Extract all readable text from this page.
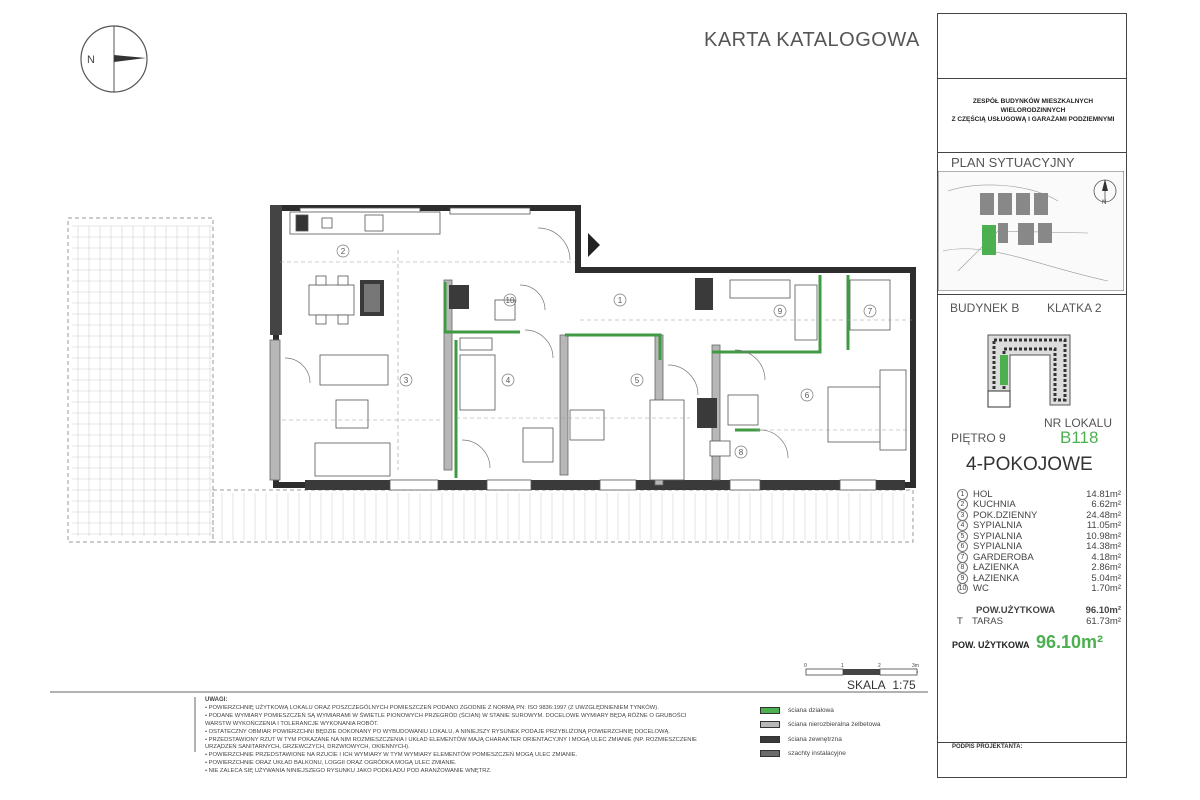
N
1
2
3	4	5
6
7
8
9
10
0	1	2	3m
KARTA KATALOGOWA
ZESPÓŁ BUDYNKÓW MIESZKALNYCH WIELORODZINNYCH
Z CZĘŚCIĄ USŁUGOWĄ I GARAŻAMI PODZIEMNYMI
PLAN SYTUACYJNY
N
BUDYNEK B KLATKA 2
NR LOKALU
PIĘTRO 9	B118
4-POKOJOWE
1 HOL	14.81m²
2 KUCHNIA	6.62m²
3 POK.DZIENNY	24.48m²
4 SYPIALNIA	11.05m²
5 SYPIALNIA	10.98m²
6 SYPIALNIA	14.38m²
7 GARDEROBA	4.18m²
8 ŁAZIENKA	2.86m²
9 ŁAZIENKA	5.04m²
10 WC	1.70m²
POW.UŻYTKOWA	96.10m²
T TARAS	61.73m²
POW. UŻYTKOWA 96.10m²
SKALA 1:75
UWAGI:
• POWIERZCHNIĘ UŻYTKOWĄ LOKALU ORAZ POSZCZEGÓLNYCH POMIESZCZEŃ PODANO ZGODNIE Z NORMĄ PN: ISO 9836:1997 (Z UWZGLĘDNIENIEM TYNKÓW).
• PODANE WYMIARY POMIESZCZEŃ SĄ WYMIARAMI W ŚWIETLE PIONOWYCH PRZEGRÓD (ŚCIAN) W STANIE SUROWYM. DOCELOWE WYMIARY BĘDĄ RÓŻNE O GRUBOŚCI
WARSTW WYKOŃCZENIA I TOLERANCJE WYKONANIA ROBÓT.
• OSTATECZNY OBMIAR POWIERZCHNI BĘDZIE DOKONANY PO WYBUDOWANIU LOKALU, A NINIEJSZY RYSUNEK PODAJE PRZYBLIŻONĄ POWIERZCHNIĘ DOCELOWĄ.
• PRZEDSTAWIONY RZUT W TYM POKAZANE NA NIM ROZMIESZCZENIA I UKŁAD ELEMENTÓW MAJĄ CHARAKTER ORIENTACYJNY I MOGĄ ULEC ZMIANIE (NP. ROZMIESZCZENIE
URZĄDZEŃ SANITARNYCH, GRZEWCZYCH, DRZWIOWYCH, OKIENNYCH).
• POWIERZCHNIE PRZEDSTAWIONE NA RZUCIE I ICH WYMIARY W TYM WYMIARY ELEMENTÓW POMIESZCZEŃ MOGĄ ULEC ZMIANIE.
• POWIERZCHNIE ORAZ UKŁAD BALKONU, LOGGII ORAZ OGRÓDKA MOGĄ ULEC ZMIANIE.
• NIE ZALECA SIĘ UŻYWANIA NINIEJSZEGO RYSUNKU JAKO PODKŁADU POD ARANŻOWANIE WNĘTRZ.
ściana działowa
ściana nierozbieralna żelbetowa
ściana zewnętrzna
szachty instalacyjne
PODPIS PROJEKTANTA:
